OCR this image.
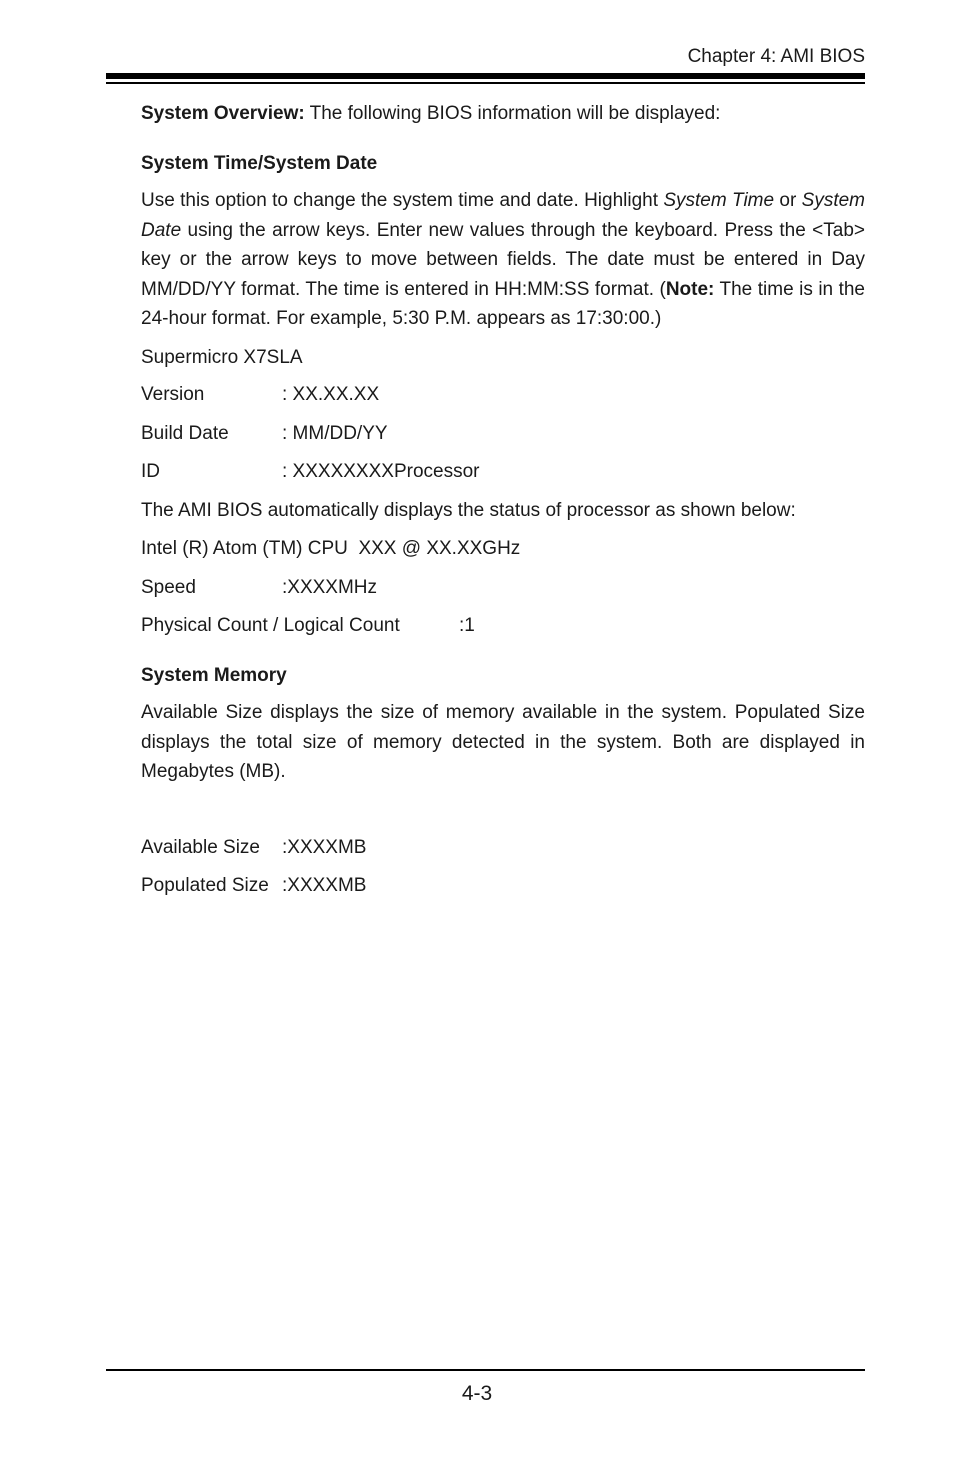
Chapter 4: AMI BIOS

System Overview: The following BIOS information will be displayed:

System Time/System Date

Use this option to change the system time and date. Highlight System Time or System Date using the arrow keys. Enter new values through the keyboard. Press the <Tab> key or the arrow keys to move between fields. The date must be entered in Day MM/DD/YY format. The time is entered in HH:MM:SS format. (Note: The time is in the 24-hour format. For example, 5:30 P.M. appears as 17:30:00.)

Supermicro X7SLA

Version	: XX.XX.XX
Build Date	: MM/DD/YY
ID	: XXXXXXXXProcessor

The AMI BIOS automatically displays the status of processor as shown below:

Intel (R) Atom (TM) CPU  XXX @ XX.XXGHz

Speed	:XXXXMHz
Physical Count / Logical Count	:1

System Memory

Available Size displays the size of memory available in the system. Populated Size displays the total size of memory detected in the system. Both are displayed in Megabytes (MB).

Available Size	:XXXXMB
Populated Size :XXXXMB
4-3
